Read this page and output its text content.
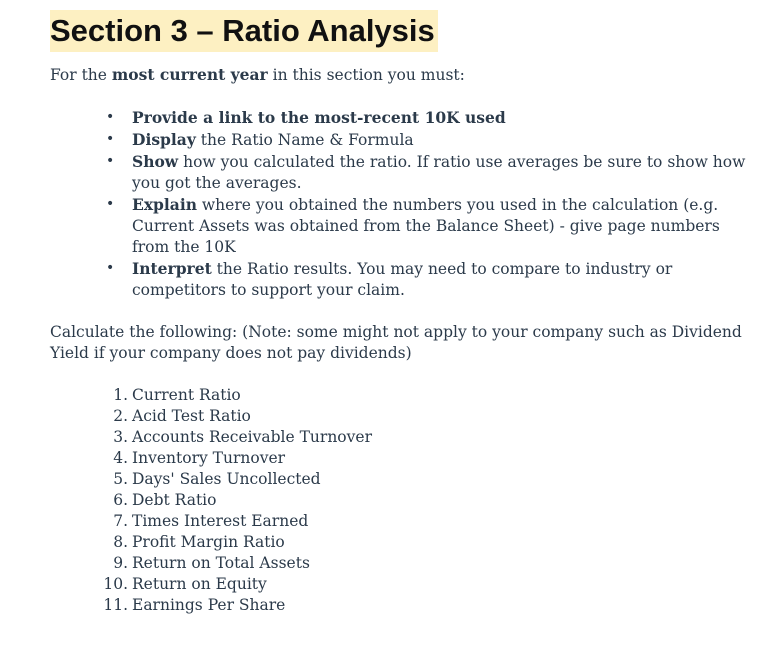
Section 3 – Ratio Analysis

For the most current year in this section you must:

• Provide a link to the most-recent 10K used
• Display the Ratio Name & Formula
• Show how you calculated the ratio. If ratio use averages be sure to show how you got the averages.
• Explain where you obtained the numbers you used in the calculation (e.g. Current Assets was obtained from the Balance Sheet) - give page numbers from the 10K
• Interpret the Ratio results. You may need to compare to industry or competitors to support your claim.

Calculate the following: (Note: some might not apply to your company such as Dividend Yield if your company does not pay dividends)

1. Current Ratio
2. Acid Test Ratio
3. Accounts Receivable Turnover
4. Inventory Turnover
5. Days' Sales Uncollected
6. Debt Ratio
7. Times Interest Earned
8. Profit Margin Ratio
9. Return on Total Assets
10. Return on Equity
11. Earnings Per Share
